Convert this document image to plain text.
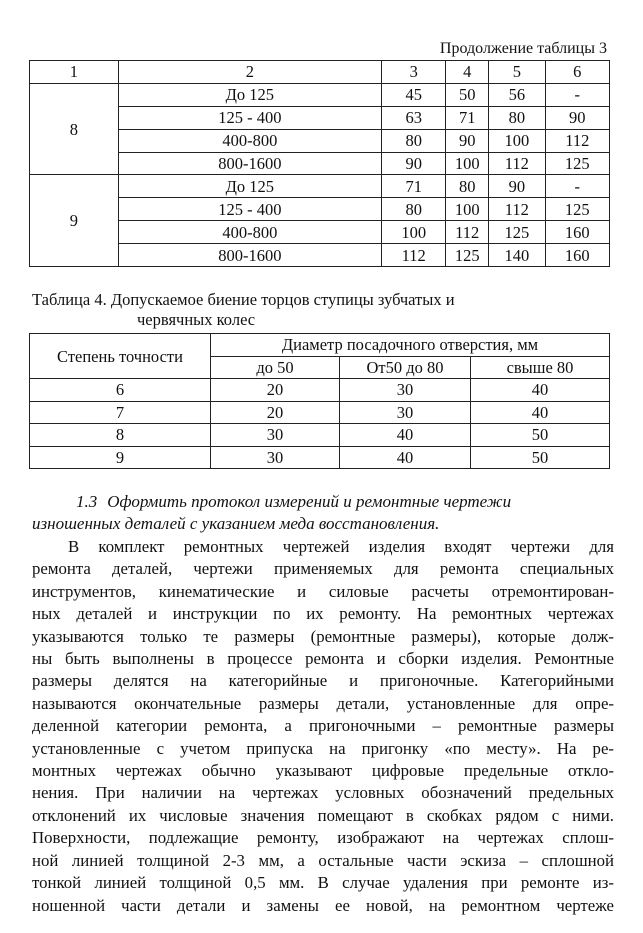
Продолжение таблицы 3
1	2	3	4	5	6
8	До 125	45	50	56	-
	125 - 400	63	71	80	90
	400-800	80	90	100	112
	800-1600	90	100	112	125
9	До 125	71	80	90	-
	125 - 400	80	100	112	125
	400-800	100	112	125	160
	800-1600	112	125	140	160
Таблица 4. Допускаемое биение торцов ступицы зубчатых и
червячных колес
Степень точности	Диаметр посадочного отверстия, мм		
	до 50	От50 до 80	свыше 80
6	20	30	40
7	20	30	40
8	30	40	50
9	30	40	50
1.3 Оформить протокол измерений и ремонтные чертежи
изношенных деталей с указанием меда восстановления.
В комплект ремонтных чертежей изделия входят чертежи для
ремонта деталей, чертежи применяемых для ремонта специальных
инструментов, кинематические и силовые расчеты отремонтирован-
ных деталей и инструкции по их ремонту. На ремонтных чертежах
указываются только те размеры (ремонтные размеры), которые долж-
ны быть выполнены в процессе ремонта и сборки изделия. Ремонтные
размеры делятся на категорийные и пригоночные. Категорийными
называются окончательные размеры детали, установленные для опре-
деленной категории ремонта, а пригоночными – ремонтные размеры
установленные с учетом припуска на пригонку «по месту». На ре-
монтных чертежах обычно указывают цифровые предельные откло-
нения. При наличии на чертежах условных обозначений предельных
отклонений их числовые значения помещают в скобках рядом с ними.
Поверхности, подлежащие ремонту, изображают на чертежах сплош-
ной линией толщиной 2-3 мм, а остальные части эскиза – сплошной
тонкой линией толщиной 0,5 мм. В случае удаления при ремонте из-
ношенной части детали и замены ее новой, на ремонтном чертеже
